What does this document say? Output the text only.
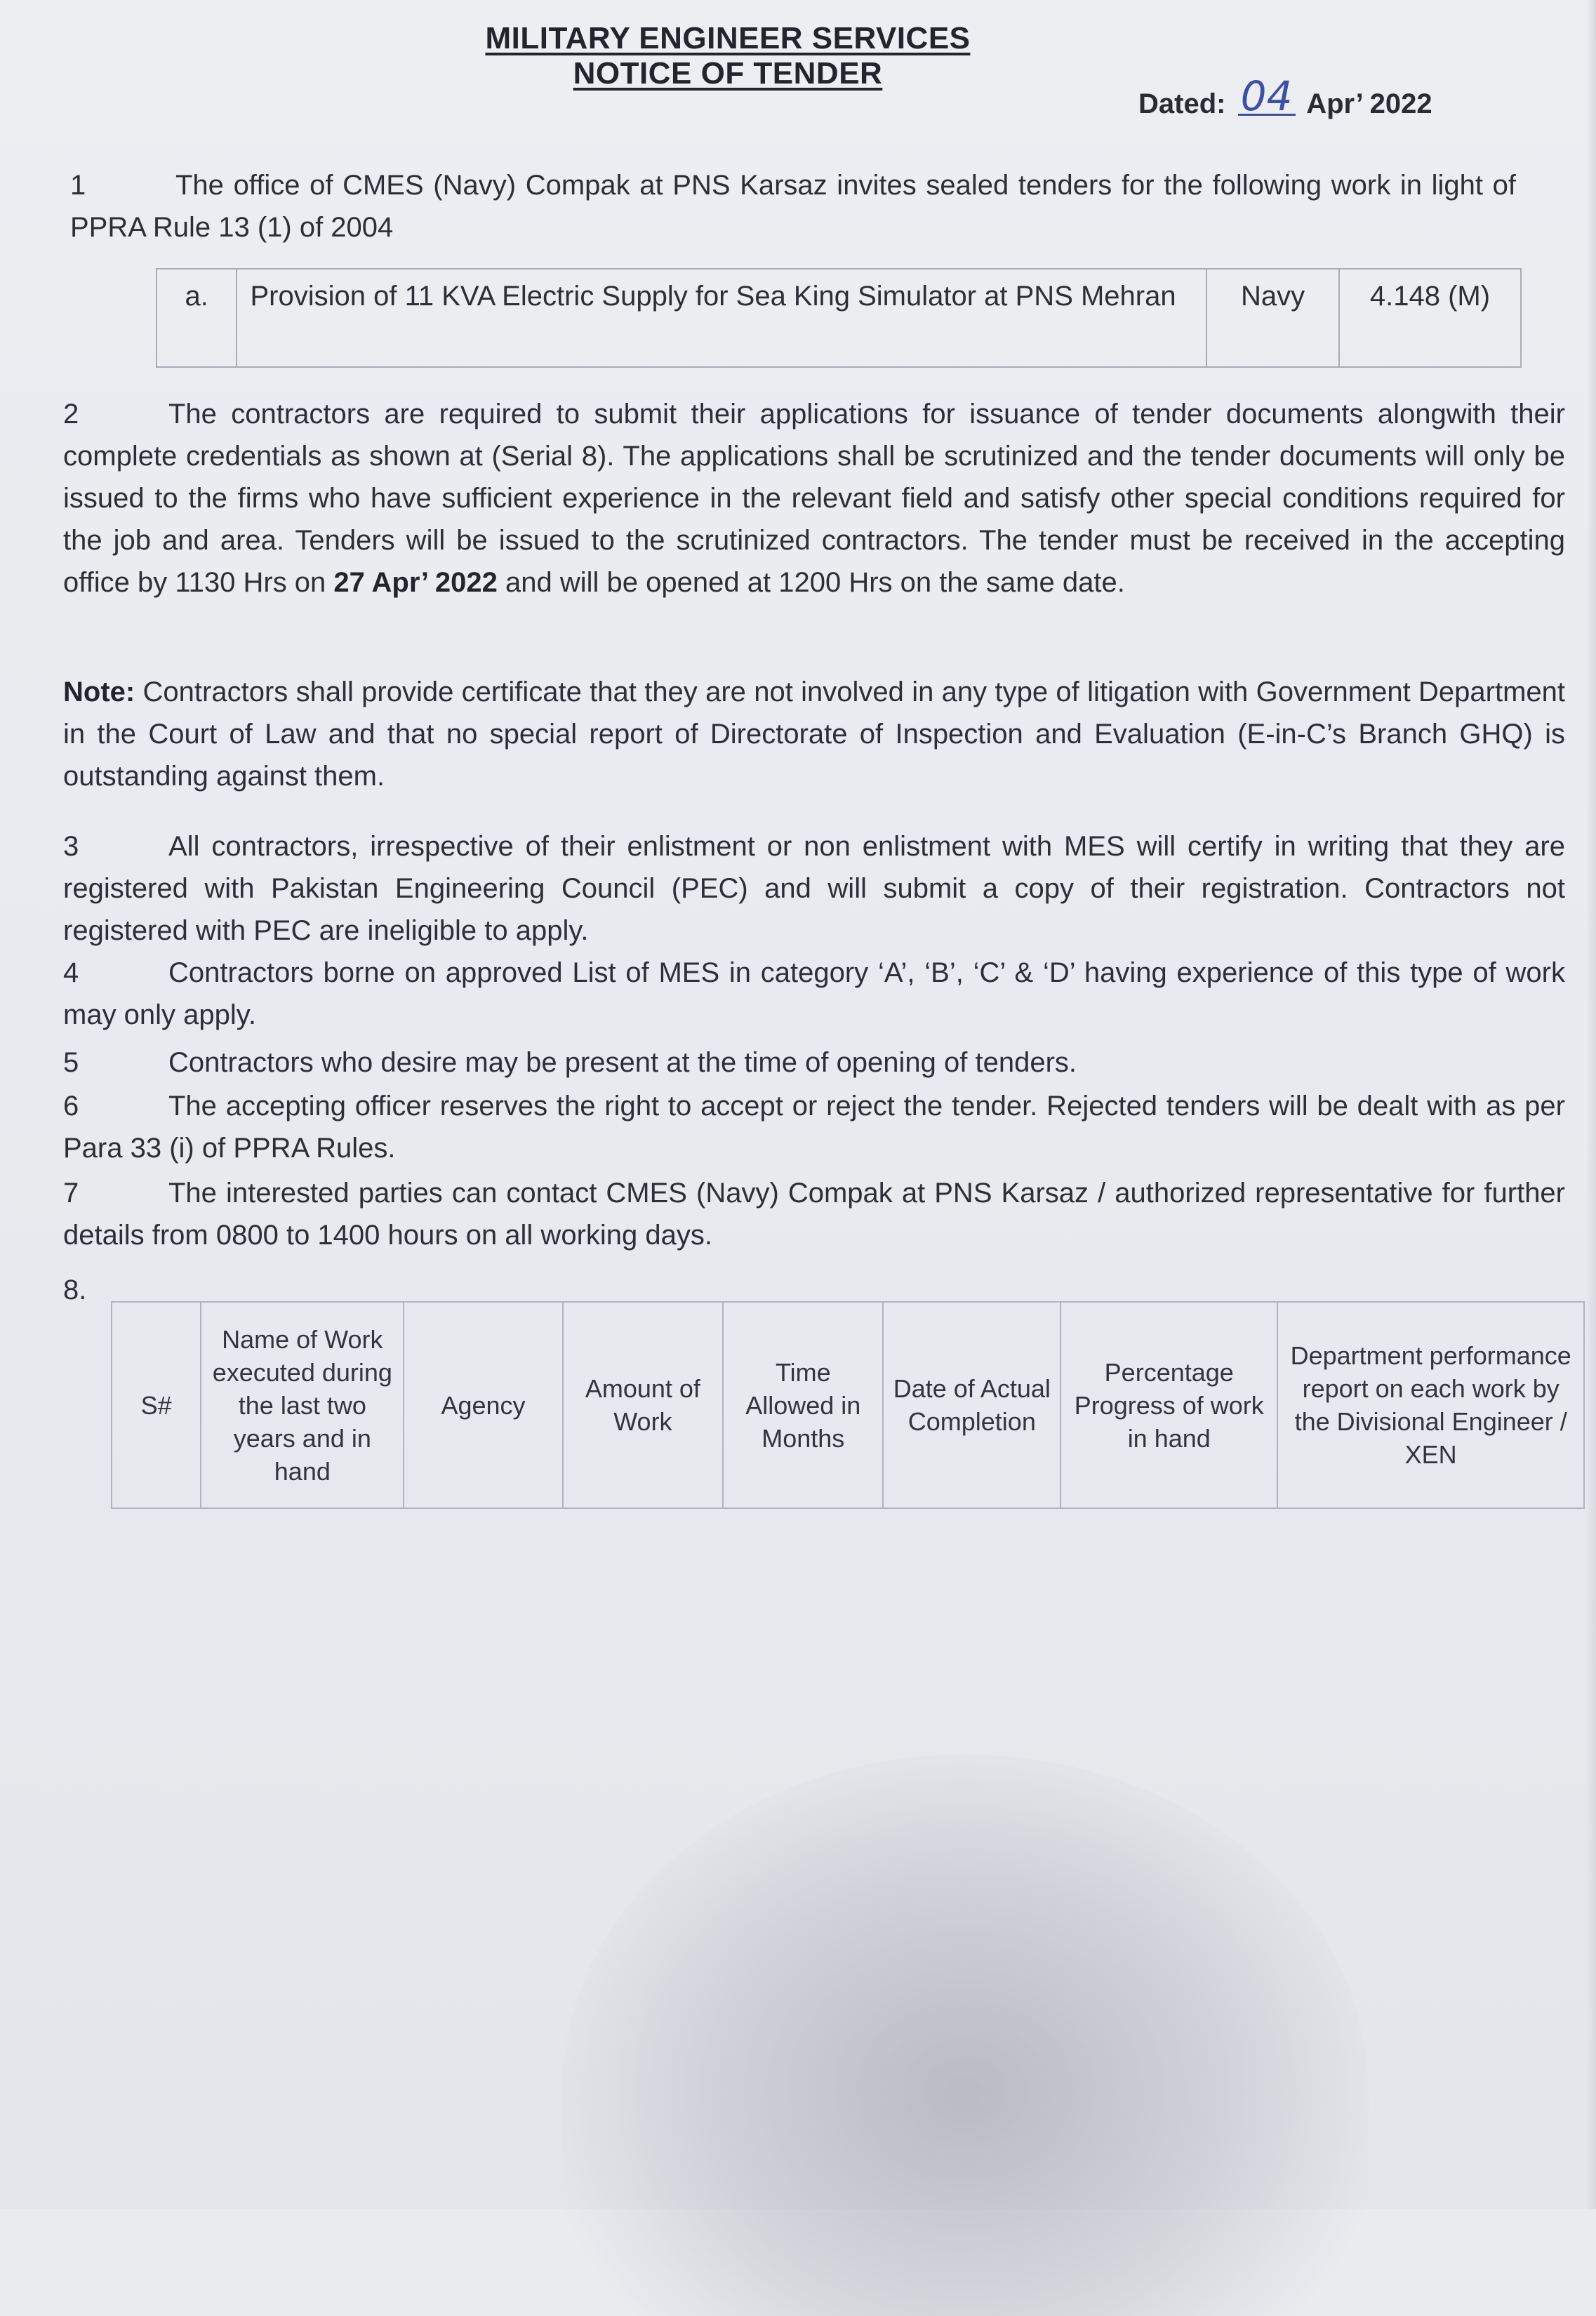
MILITARY ENGINEER SERVICES
NOTICE OF TENDER
Dated: 04 Apr’ 2022
1	The office of CMES (Navy) Compak at PNS Karsaz invites sealed tenders for the following work in light of PPRA Rule 13 (1) of 2004
a.	Provision of 11 KVA Electric Supply for Sea King Simulator at PNS Mehran	Navy	4.148 (M)
2	The contractors are required to submit their applications for issuance of tender documents alongwith their complete credentials as shown at (Serial 8). The applications shall be scrutinized and the tender documents will only be issued to the firms who have sufficient experience in the relevant field and satisfy other special conditions required for the job and area. Tenders will be issued to the scrutinized contractors. The tender must be received in the accepting office by 1130 Hrs on 27 Apr’ 2022 and will be opened at 1200 Hrs on the same date.
Note: Contractors shall provide certificate that they are not involved in any type of litigation with Government Department in the Court of Law and that no special report of Directorate of Inspection and Evaluation (E-in-C’s Branch GHQ) is outstanding against them.
3	All contractors, irrespective of their enlistment or non enlistment with MES will certify in writing that they are registered with Pakistan Engineering Council (PEC) and will submit a copy of their registration. Contractors not registered with PEC are ineligible to apply.
4	Contractors borne on approved List of MES in category ‘A’, ‘B’, ‘C’ & ‘D’ having experience of this type of work may only apply.
5	Contractors who desire may be present at the time of opening of tenders.
6	The accepting officer reserves the right to accept or reject the tender. Rejected tenders will be dealt with as per Para 33 (i) of PPRA Rules.
7	The interested parties can contact CMES (Navy) Compak at PNS Karsaz / authorized representative for further details from 0800 to 1400 hours on all working days.
8.
S#	Name of Work executed during the last two years and in hand	Agency	Amount of Work	Time Allowed in Months	Date of Actual Completion	Percentage Progress of work in hand	Department performance report on each work by the Divisional Engineer / XEN
